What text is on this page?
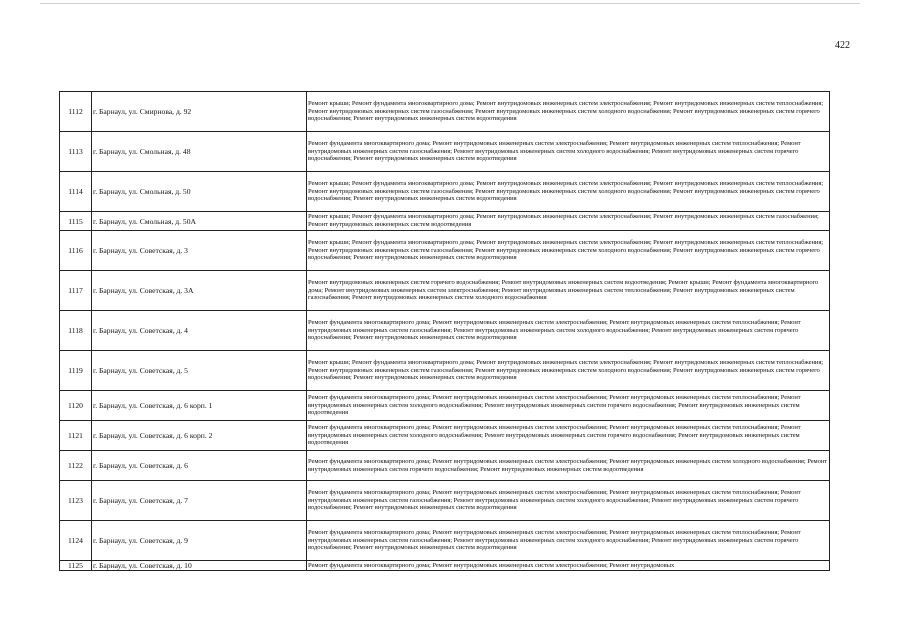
422
1112	г. Барнаул, ул. Смирнова, д. 92	Ремонт крыши; Ремонт фундамента многоквартирного дома; Ремонт внутридомовых инженерных систем электроснабжения; Ремонт внутридомовых инженерных систем теплоснабжения; Ремонт внутридомовых инженерных систем газоснабжения; Ремонт внутридомовых инженерных систем холодного водоснабжения; Ремонт внутридомовых инженерных систем горячего водоснабжения; Ремонт внутридомовых инженерных систем водоотведения
1113	г. Барнаул, ул. Смольная, д. 48	Ремонт фундамента многоквартирного дома; Ремонт внутридомовых инженерных систем электроснабжения; Ремонт внутридомовых инженерных систем теплоснабжения; Ремонт внутридомовых инженерных систем газоснабжения; Ремонт внутридомовых инженерных систем холодного водоснабжения; Ремонт внутридомовых инженерных систем горячего водоснабжения; Ремонт внутридомовых инженерных систем водоотведения
1114	г. Барнаул, ул. Смольная, д. 50	Ремонт крыши; Ремонт фундамента многоквартирного дома; Ремонт внутридомовых инженерных систем электроснабжения; Ремонт внутридомовых инженерных систем теплоснабжения; Ремонт внутридомовых инженерных систем газоснабжения; Ремонт внутридомовых инженерных систем холодного водоснабжения; Ремонт внутридомовых инженерных систем горячего водоснабжения; Ремонт внутридомовых инженерных систем водоотведения
1115	г. Барнаул, ул. Смольная, д. 50А	Ремонт крыши; Ремонт фундамента многоквартирного дома; Ремонт внутридомовых инженерных систем электроснабжения; Ремонт внутридомовых инженерных систем газоснабжения; Ремонт внутридомовых инженерных систем водоотведения
1116	г. Барнаул, ул. Советская, д. 3	Ремонт крыши; Ремонт фундамента многоквартирного дома; Ремонт внутридомовых инженерных систем электроснабжения; Ремонт внутридомовых инженерных систем теплоснабжения; Ремонт внутридомовых инженерных систем газоснабжения; Ремонт внутридомовых инженерных систем холодного водоснабжения; Ремонт внутридомовых инженерных систем горячего водоснабжения; Ремонт внутридомовых инженерных систем водоотведения
1117	г. Барнаул, ул. Советская, д. 3А	Ремонт внутридомовых инженерных систем горячего водоснабжения; Ремонт внутридомовых инженерных систем водоотведения; Ремонт крыши; Ремонт фундамента многоквартирного дома; Ремонт внутридомовых инженерных систем электроснабжения; Ремонт внутридомовых инженерных систем теплоснабжения; Ремонт внутридомовых инженерных систем газоснабжения; Ремонт внутридомовых инженерных систем холодного водоснабжения
1118	г. Барнаул, ул. Советская, д. 4	Ремонт фундамента многоквартирного дома; Ремонт внутридомовых инженерных систем электроснабжения; Ремонт внутридомовых инженерных систем теплоснабжения; Ремонт внутридомовых инженерных систем газоснабжения; Ремонт внутридомовых инженерных систем холодного водоснабжения; Ремонт внутридомовых инженерных систем горячего водоснабжения; Ремонт внутридомовых инженерных систем водоотведения
1119	г. Барнаул, ул. Советская, д. 5	Ремонт крыши; Ремонт фундамента многоквартирного дома; Ремонт внутридомовых инженерных систем электроснабжения; Ремонт внутридомовых инженерных систем теплоснабжения; Ремонт внутридомовых инженерных систем газоснабжения; Ремонт внутридомовых инженерных систем холодного водоснабжения; Ремонт внутридомовых инженерных систем горячего водоснабжения; Ремонт внутридомовых инженерных систем водоотведения
1120	г. Барнаул, ул. Советская, д. 6 корп. 1	Ремонт фундамента многоквартирного дома; Ремонт внутридомовых инженерных систем электроснабжения; Ремонт внутридомовых инженерных систем теплоснабжения; Ремонт внутридомовых инженерных систем холодного водоснабжения; Ремонт внутридомовых инженерных систем горячего водоснабжения; Ремонт внутридомовых инженерных систем водоотведения
1121	г. Барнаул, ул. Советская, д. 6 корп. 2	Ремонт фундамента многоквартирного дома; Ремонт внутридомовых инженерных систем электроснабжения; Ремонт внутридомовых инженерных систем теплоснабжения; Ремонт внутридомовых инженерных систем холодного водоснабжения; Ремонт внутридомовых инженерных систем горячего водоснабжения; Ремонт внутридомовых инженерных систем водоотведения
1122	г. Барнаул, ул. Советская, д. 6	Ремонт фундамента многоквартирного дома; Ремонт внутридомовых инженерных систем электроснабжения; Ремонт внутридомовых инженерных систем холодного водоснабжения; Ремонт внутридомовых инженерных систем горячего водоснабжения; Ремонт внутридомовых инженерных систем водоотведения
1123	г. Барнаул, ул. Советская, д. 7	Ремонт фундамента многоквартирного дома; Ремонт внутридомовых инженерных систем электроснабжения; Ремонт внутридомовых инженерных систем теплоснабжения; Ремонт внутридомовых инженерных систем газоснабжения; Ремонт внутридомовых инженерных систем холодного водоснабжения; Ремонт внутридомовых инженерных систем горячего водоснабжения; Ремонт внутридомовых инженерных систем водоотведения
1124	г. Барнаул, ул. Советская, д. 9	Ремонт фундамента многоквартирного дома; Ремонт внутридомовых инженерных систем электроснабжения; Ремонт внутридомовых инженерных систем теплоснабжения; Ремонт внутридомовых инженерных систем газоснабжения; Ремонт внутридомовых инженерных систем холодного водоснабжения; Ремонт внутридомовых инженерных систем горячего водоснабжения; Ремонт внутридомовых инженерных систем водоотведения
1125	г. Барнаул, ул. Советская, д. 10	Ремонт фундамента многоквартирного дома; Ремонт внутридомовых инженерных систем электроснабжения; Ремонт внутридомовых
